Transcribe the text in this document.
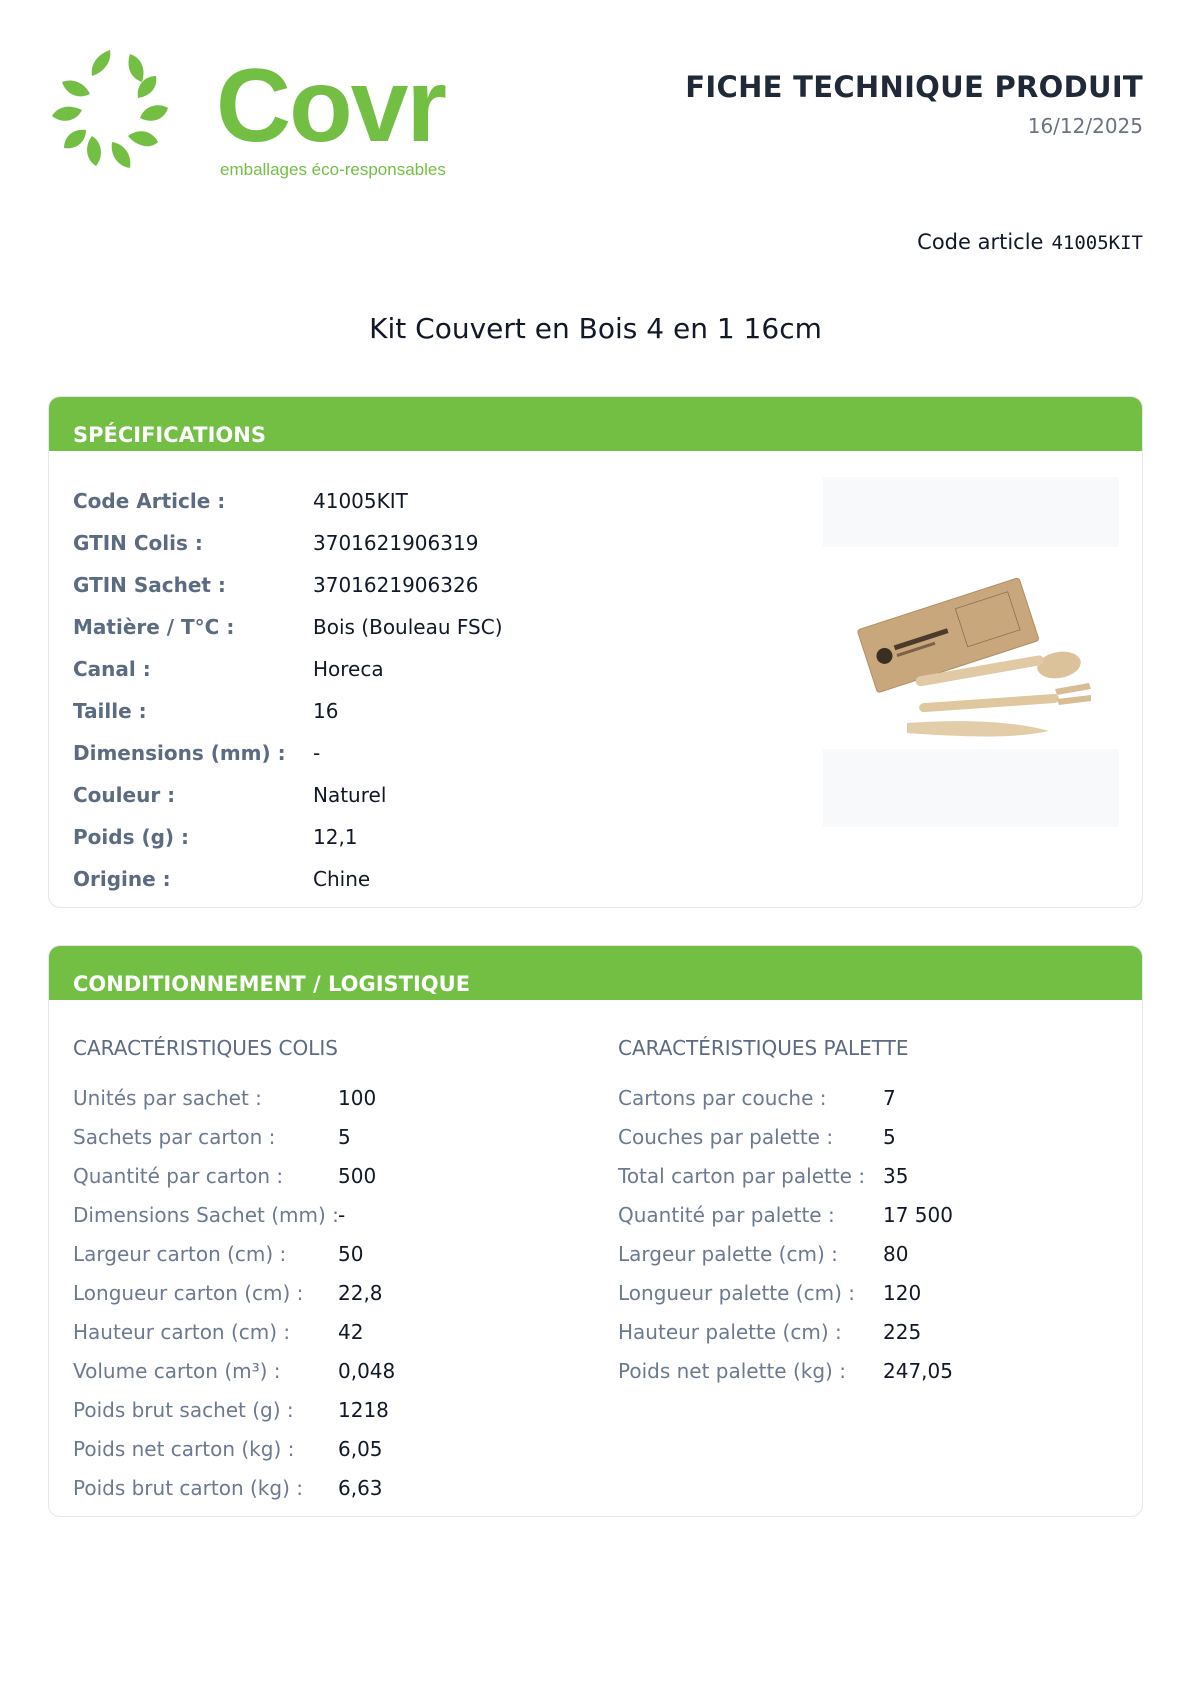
Covr
emballages éco-responsables
FICHE TECHNIQUE PRODUIT
16/12/2025
Code article 41005KIT
Kit Couvert en Bois 4 en 1 16cm
SPÉCIFICATIONS
Code Article :	41005KIT
GTIN Colis :	3701621906319
GTIN Sachet :	3701621906326
Matière / T°C :	Bois (Bouleau FSC)
Canal :	Horeca
Taille :	16
Dimensions (mm) :	-
Couleur :	Naturel
Poids (g) :	12,1
Origine :	Chine
CONDITIONNEMENT / LOGISTIQUE
CARACTÉRISTIQUES COLIS	CARACTÉRISTIQUES PALETTE
Unités par sachet :	100
Sachets par carton :	5
Quantité par carton :	500
Dimensions Sachet (mm) : -
Largeur carton (cm) :	50
Longueur carton (cm) : 22,8
Hauteur carton (cm) : 42
Volume carton (m³) :	0,048
Poids brut sachet (g) : 1218
Poids net carton (kg) : 6,05
Poids brut carton (kg) : 6,63
Cartons par couche :	7
Couches par palette : 5
Total carton par palette : 35
Quantité par palette : 17 500
Largeur palette (cm) : 80
Longueur palette (cm) : 120
Hauteur palette (cm) : 225
Poids net palette (kg) : 247,05
